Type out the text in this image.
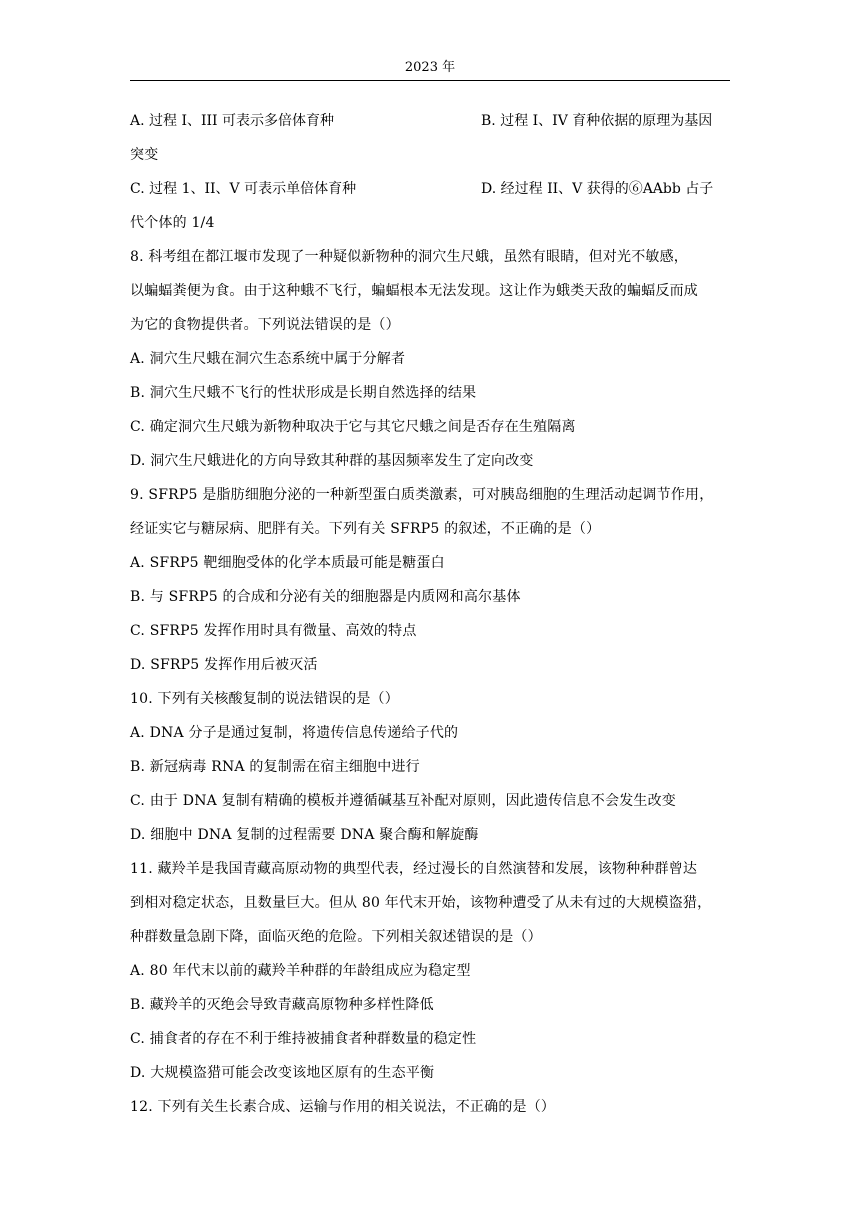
2023 年
A. 过程 I、III 可表示多倍体育种	B. 过程 I、IV 育种依据的原理为基因
突变
C. 过程 1、II、V 可表示单倍体育种	D. 经过程 II、V 获得的⑥AAbb 占子
代个体的 1/4
8. 科考组在都江堰市发现了一种疑似新物种的洞穴生尺蛾，虽然有眼睛，但对光不敏感，
以蝙蝠粪便为食。由于这种蛾不飞行，蝙蝠根本无法发现。这让作为蛾类天敌的蝙蝠反而成
为它的食物提供者。下列说法错误的是（）
A. 洞穴生尺蛾在洞穴生态系统中属于分解者
B. 洞穴生尺蛾不飞行的性状形成是长期自然选择的结果
C. 确定洞穴生尺蛾为新物种取决于它与其它尺蛾之间是否存在生殖隔离
D. 洞穴生尺蛾进化的方向导致其种群的基因频率发生了定向改变
9. SFRP5 是脂肪细胞分泌的一种新型蛋白质类激素，可对胰岛细胞的生理活动起调节作用，
经证实它与糖尿病、肥胖有关。下列有关 SFRP5 的叙述，不正确的是（）
A. SFRP5 靶细胞受体的化学本质最可能是糖蛋白
B. 与 SFRP5 的合成和分泌有关的细胞器是内质网和高尔基体
C. SFRP5 发挥作用时具有微量、高效的特点
D. SFRP5 发挥作用后被灭活
10. 下列有关核酸复制的说法错误的是（）
A. DNA 分子是通过复制，将遗传信息传递给子代的
B. 新冠病毒 RNA 的复制需在宿主细胞中进行
C. 由于 DNA 复制有精确的模板并遵循碱基互补配对原则，因此遗传信息不会发生改变
D. 细胞中 DNA 复制的过程需要 DNA 聚合酶和解旋酶
11. 藏羚羊是我国青藏高原动物的典型代表，经过漫长的自然演替和发展，该物种种群曾达
到相对稳定状态，且数量巨大。但从 80 年代末开始，该物种遭受了从未有过的大规模盗猎，
种群数量急剧下降，面临灭绝的危险。下列相关叙述错误的是（）
A. 80 年代末以前的藏羚羊种群的年龄组成应为稳定型
B. 藏羚羊的灭绝会导致青藏高原物种多样性降低
C. 捕食者的存在不利于维持被捕食者种群数量的稳定性
D. 大规模盗猎可能会改变该地区原有的生态平衡
12. 下列有关生长素合成、运输与作用的相关说法，不正确的是（）
